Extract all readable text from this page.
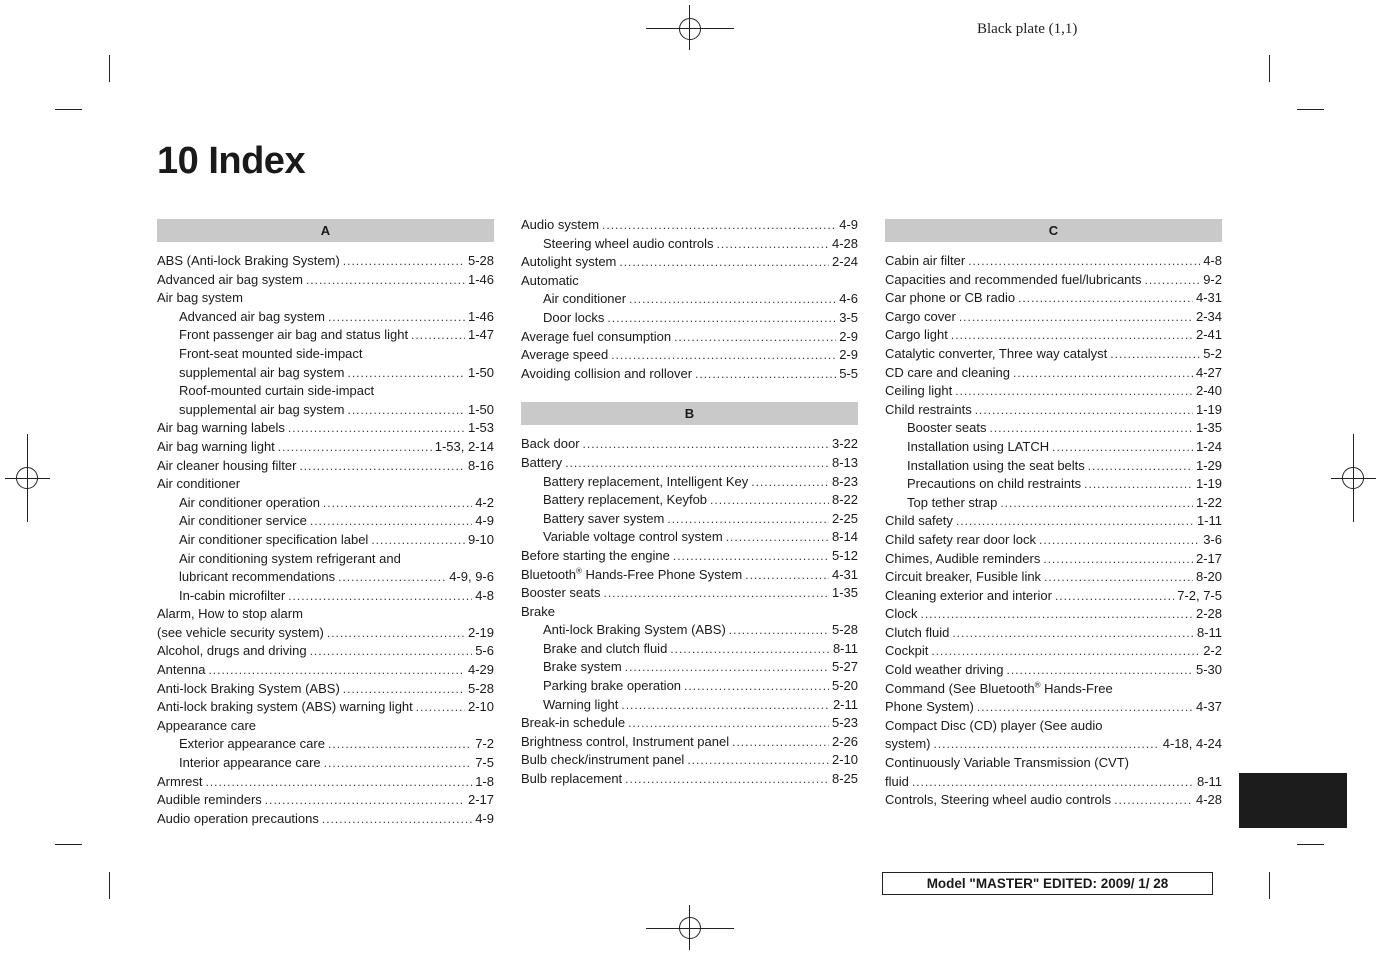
Black plate (1,1)
10 Index
A
ABS (Anti-lock Braking System) .....	5-28
Advanced air bag system .....	1-46
Air bag system
Advanced air bag system .....	1-46
Front passenger air bag and status light .....	1-47
Front-seat mounted side-impact
supplemental air bag system .....	1-50
Roof-mounted curtain side-impact
supplemental air bag system .....	1-50
Air bag warning labels .....	1-53
Air bag warning light .....	1-53, 2-14
Air cleaner housing filter .....	8-16
Air conditioner
Air conditioner operation .....	4-2
Air conditioner service .....	4-9
Air conditioner specification label .....	9-10
Air conditioning system refrigerant and
lubricant recommendations .....	4-9, 9-6
In-cabin microfilter .....	4-8
Alarm, How to stop alarm
(see vehicle security system) .....	2-19
Alcohol, drugs and driving .....	5-6
Antenna .....	4-29
Anti-lock Braking System (ABS) .....	5-28
Anti-lock braking system (ABS) warning light .....	2-10
Appearance care
Exterior appearance care .....	7-2
Interior appearance care .....	7-5
Armrest .....	1-8
Audible reminders .....	2-17
Audio operation precautions .....	4-9
Audio system .....	4-9
Steering wheel audio controls .....	4-28
Autolight system .....	2-24
Automatic
Air conditioner .....	4-6
Door locks .....	3-5
Average fuel consumption .....	2-9
Average speed .....	2-9
Avoiding collision and rollover .....	5-5
B
Back door .....	3-22
Battery .....	8-13
Battery replacement, Intelligent Key .....	8-23
Battery replacement, Keyfob .....	8-22
Battery saver system .....	2-25
Variable voltage control system .....	8-14
Before starting the engine .....	5-12
Bluetooth® Hands-Free Phone System .....	4-31
Booster seats .....	1-35
Brake
Anti-lock Braking System (ABS) .....	5-28
Brake and clutch fluid .....	8-11
Brake system .....	5-27
Parking brake operation .....	5-20
Warning light .....	2-11
Break-in schedule .....	5-23
Brightness control, Instrument panel .....	2-26
Bulb check/instrument panel .....	2-10
Bulb replacement .....	8-25
C
Cabin air filter .....	4-8
Capacities and recommended fuel/lubricants .....	9-2
Car phone or CB radio .....	4-31
Cargo cover .....	2-34
Cargo light .....	2-41
Catalytic converter, Three way catalyst .....	5-2
CD care and cleaning .....	4-27
Ceiling light .....	2-40
Child restraints .....	1-19
Booster seats .....	1-35
Installation using LATCH .....	1-24
Installation using the seat belts .....	1-29
Precautions on child restraints .....	1-19
Top tether strap .....	1-22
Child safety .....	1-11
Child safety rear door lock .....	3-6
Chimes, Audible reminders .....	2-17
Circuit breaker, Fusible link .....	8-20
Cleaning exterior and interior .....	7-2, 7-5
Clock .....	2-28
Clutch fluid .....	8-11
Cockpit .....	2-2
Cold weather driving .....	5-30
Command (See Bluetooth® Hands-Free
Phone System) .....	4-37
Compact Disc (CD) player (See audio
system) .....	4-18, 4-24
Continuously Variable Transmission (CVT)
fluid .....	8-11
Controls, Steering wheel audio controls .....	4-28
Model "MASTER" EDITED: 2009/ 1/ 28
